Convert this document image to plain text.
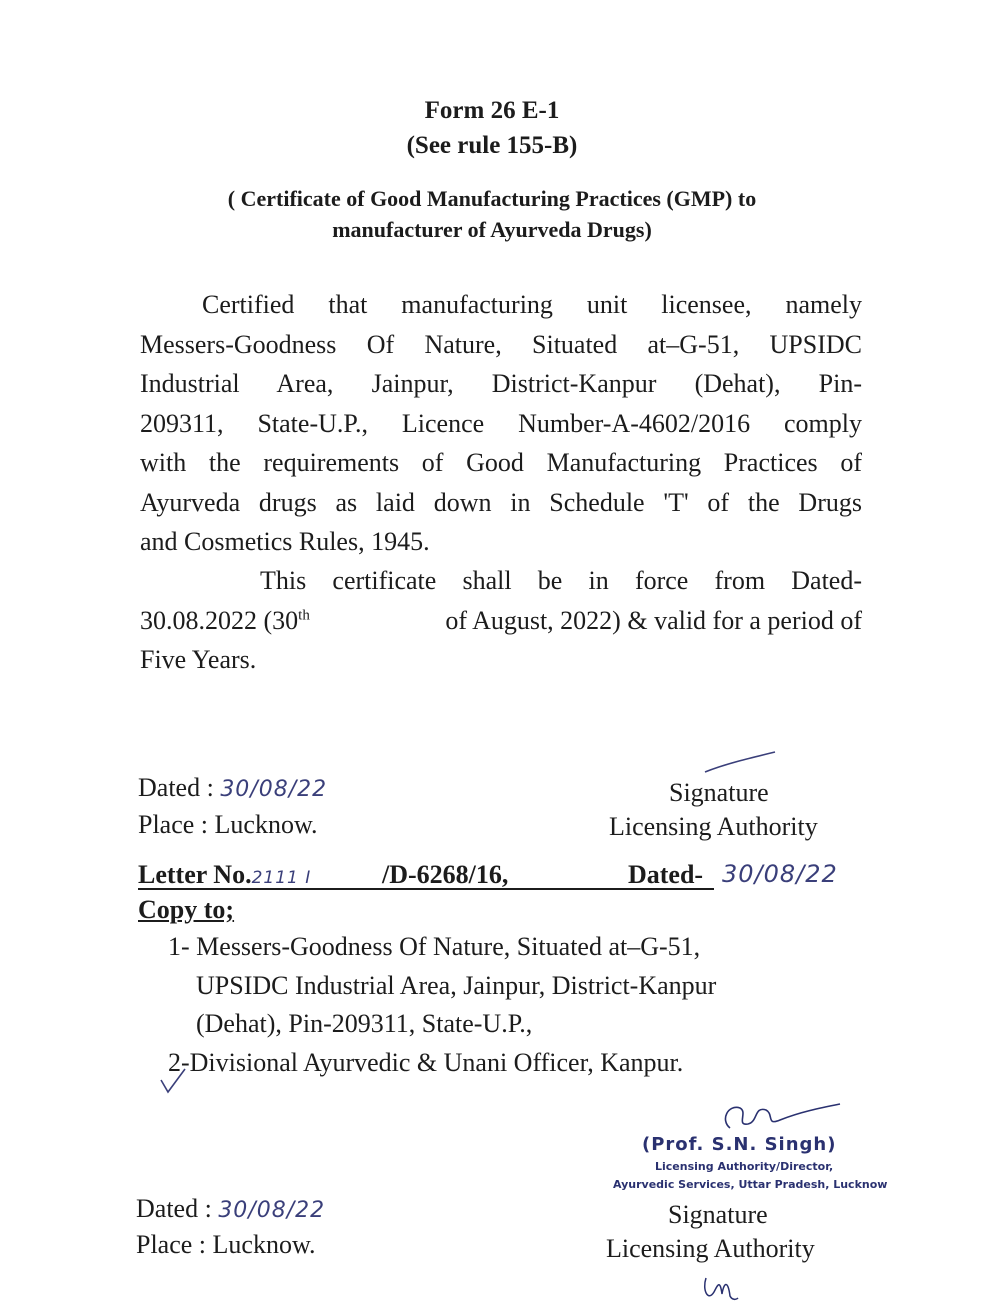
Form 26 E-1
(See rule 155-B)
( Certificate of Good Manufacturing Practices (GMP) to
manufacturer of Ayurveda Drugs)
Certified that manufacturing unit licensee, namely
Messers-Goodness Of Nature, Situated at–G-51, UPSIDC
Industrial Area, Jainpur, District-Kanpur (Dehat), Pin-
209311, State-U.P., Licence Number-A-4602/2016 comply
with the requirements of Good Manufacturing Practices of
Ayurveda drugs as laid down in Schedule 'T' of the Drugs
and Cosmetics Rules, 1945.
This certificate shall be in force from Dated-
30.08.2022 (30th	of August, 2022) & valid for a period of
Five Years.
Dated : 30/08/22
Place : Lucknow.
Signature
Licensing Authority
Letter No.2111 I	/D-6268/16,	Dated- 30/08/22
Copy to;
1- Messers-Goodness Of Nature, Situated at–G-51,
UPSIDC Industrial Area, Jainpur, District-Kanpur
(Dehat), Pin-209311, State-U.P.,
2-Divisional Ayurvedic & Unani Officer, Kanpur.
(Prof. S.N. Singh)
Licensing Authority/Director,
Ayurvedic Services, Uttar Pradesh, Lucknow
Signature
Licensing Authority
Dated : 30/08/22
Place : Lucknow.
